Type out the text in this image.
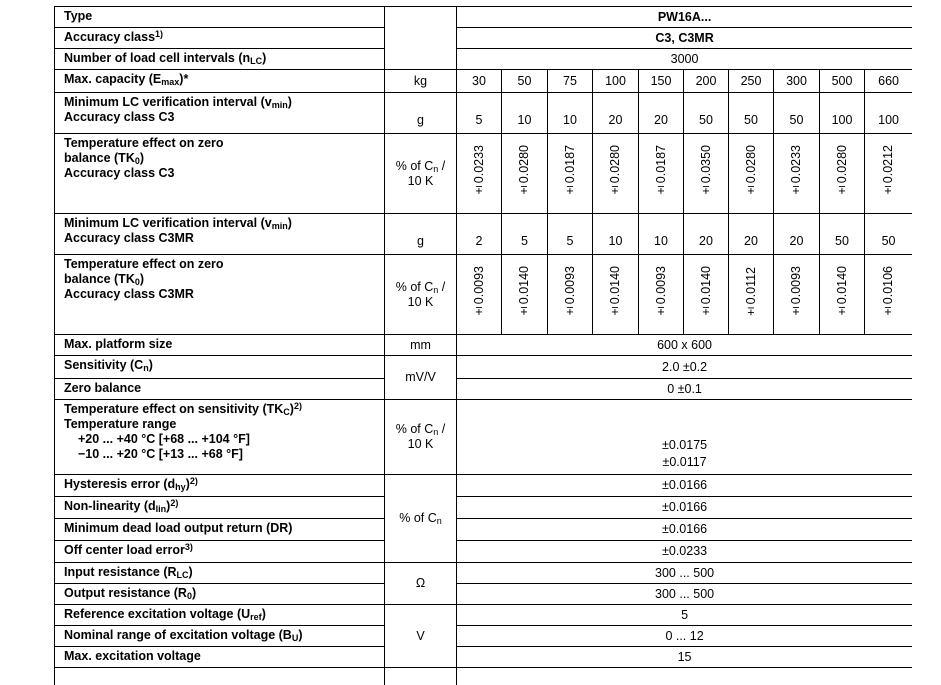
Type		PW16A...									
Accuracy class$^{1)}$		C3, C3MR									
Number of load cell intervals $(n_{LC})$		3000									
Max. capacity $(E_{max})*$	kg	30	50	75	100	150	200	250	300	500	660

Minimum LC verification interval $(v_{min})$
Accuracy class C3	g	5	10	10	20	20	50	50	50	100	100

Temperature effect on zero
balance $(TK_0)$
Accuracy class C3	% of $C_n$ /
10 K	±0.0233	±0.0280	±0.0187	±0.0280	±0.0187	±0.0350	±0.0280	±0.0233	±0.0280	±0.0212

Minimum LC verification interval $(v_{min})$
Accuracy class C3MR	g	2	5	5	10	10	20	20	20	50	50

Temperature effect on zero
balance $(TK_0)$
Accuracy class C3MR	% of $C_n$ /
10 K	±0.0093	±0.0140	±0.0093	±0.0140	±0.0093	±0.0140	±0.0112	±0.0093	±0.0140	±0.0106
Max. platform size	mm	600 x 600									
Sensitivity $(C_n)$	mV/V	2.0 ±0.2									
Zero balance		0 ±0.1									

Temperature effect on sensitivity $(TK_C)^{2)}$
Temperature range
+20 ... +40 °C [+68 ... +104 °F]
−10 ... +20 °C [+13 ... +68 °F]	% of $C_n$ /
10 K	±0.0175
±0.0117									

Hysteresis error $(d_{hy})^{2)}$	% of $C_n$	±0.0166									
Non-linearity $(d_{lin})^{2)}$		±0.0166									
Minimum dead load output return (DR)		±0.0166									
Off center load error$^{3)}$		±0.0233									
Input resistance $(R_{LC})$	Ω	300 ... 500									
Output resistance $(R_0)$		300 ... 500									
Reference excitation voltage $(U_{ref})$	V	5									
Nominal range of excitation voltage $(B_U)$		0 ... 12									
Max. excitation voltage		15									
